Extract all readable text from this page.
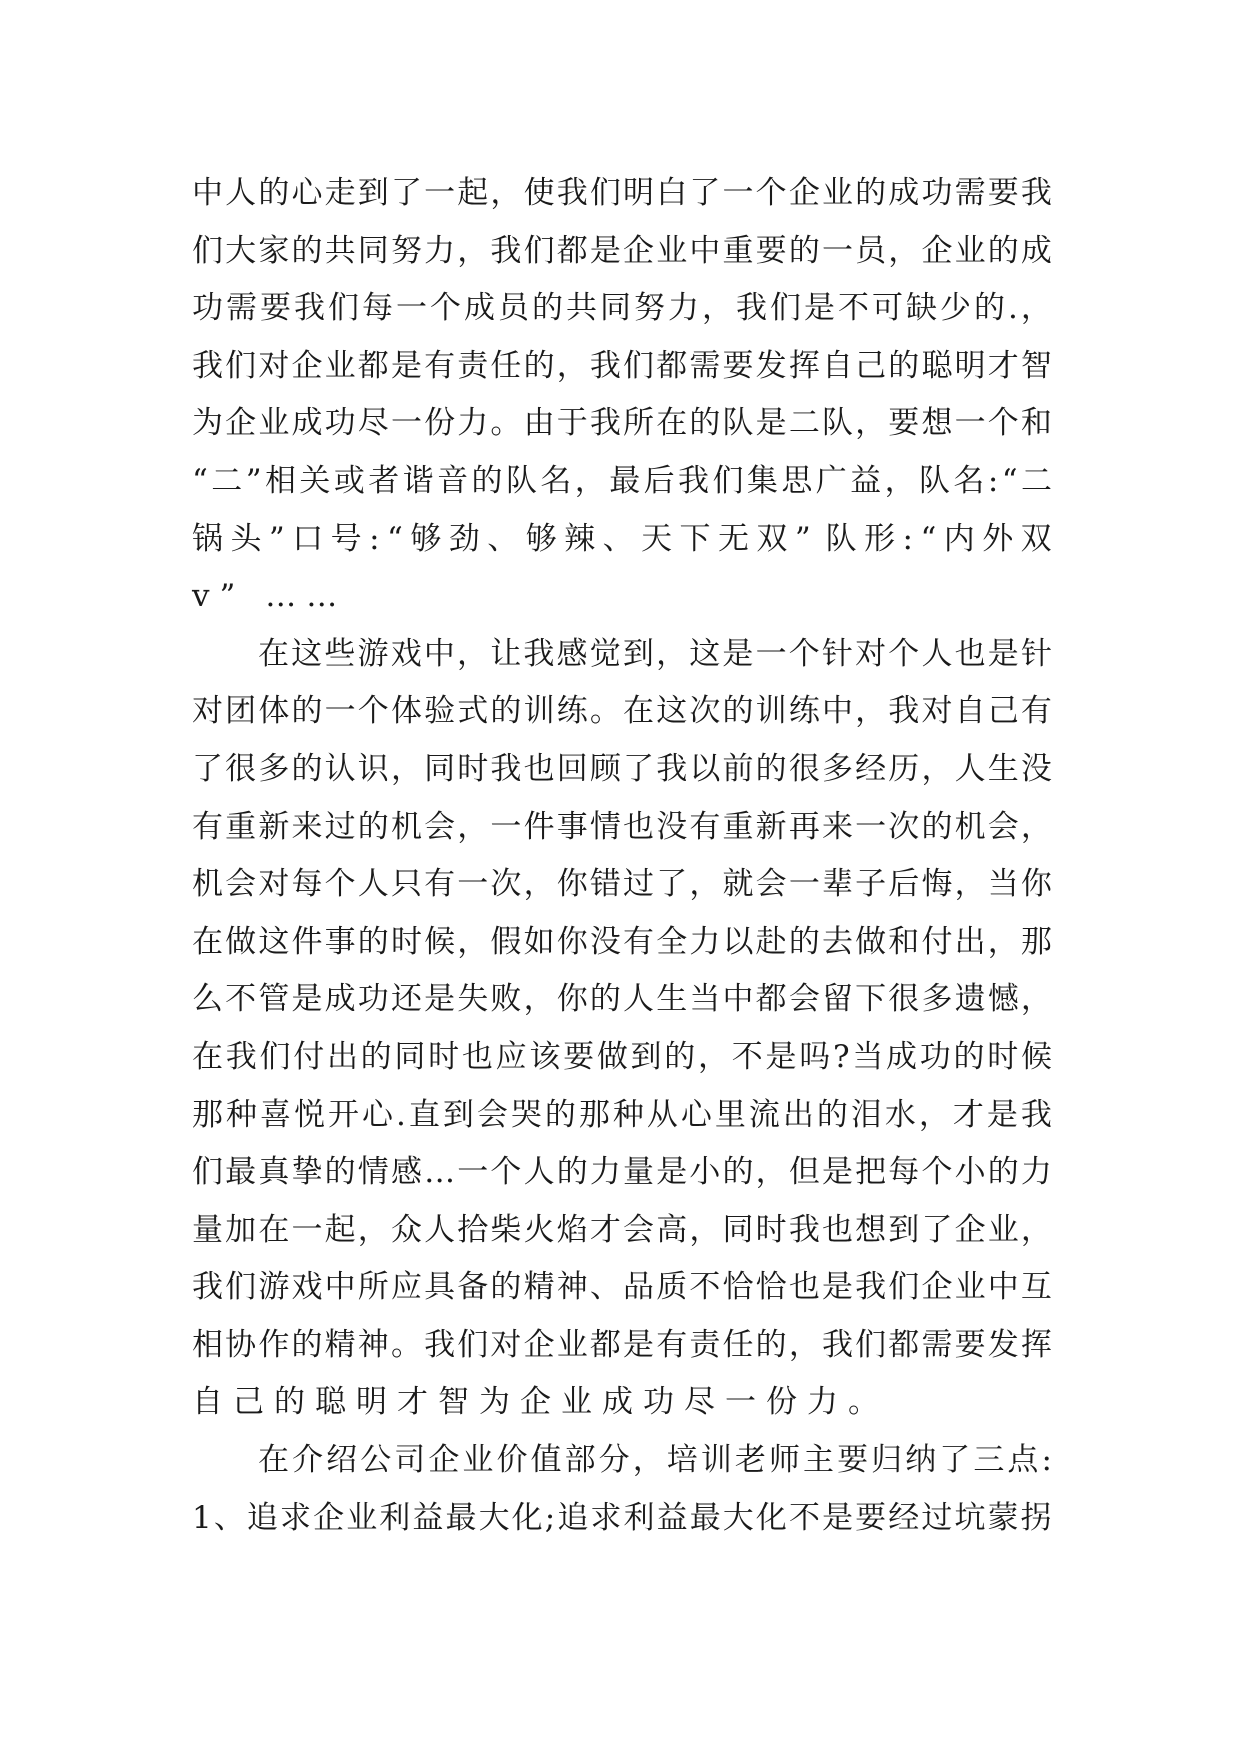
中 人 的 心 走 到 了 一 起 ， 使 我 们 明 白 了 一 个 企 业 的 成 功 需 要 我
们 大 家 的 共 同 努 力 ， 我 们 都 是 企 业 中 重 要 的 一 员 ， 企 业 的 成
功 需 要 我 们 每 一 个 成 员 的 共 同 努 力 ， 我 们 是 不 可 缺 少 的 . ，
我 们 对 企 业 都 是 有 责 任 的 ， 我 们 都 需 要 发 挥 自 己 的 聪 明 才 智
为 企 业 成 功 尽 一 份 力 。 由 于 我 所 在 的 队 是 二 队 ， 要 想 一 个 和
“ 二 ” 相 关 或 者 谐 音 的 队 名 ， 最 后 我 们 集 思 广 益 ， 队 名 : “ 二
锅 头 ” 口 号 : “ 够 劲 、 够 辣 、 天 下 无 双 ” 队 形 : “ 内 外 双
v” ……
在 这 些 游 戏 中 ， 让 我 感 觉 到 ， 这 是 一 个 针 对 个 人 也 是 针
对 团 体 的 一 个 体 验 式 的 训 练 。 在 这 次 的 训 练 中 ， 我 对 自 己 有
了 很 多 的 认 识 ， 同 时 我 也 回 顾 了 我 以 前 的 很 多 经 历 ， 人 生 没
有 重 新 来 过 的 机 会 ， 一 件 事 情 也 没 有 重 新 再 来 一 次 的 机 会 ，
机 会 对 每 个 人 只 有 一 次 ， 你 错 过 了 ， 就 会 一 辈 子 后 悔 ， 当 你
在 做 这 件 事 的 时 候 ， 假 如 你 没 有 全 力 以 赴 的 去 做 和 付 出 ， 那
么 不 管 是 成 功 还 是 失 败 ， 你 的 人 生 当 中 都 会 留 下 很 多 遗 憾 ，
在 我 们 付 出 的 同 时 也 应 该 要 做 到 的 ， 不 是 吗 ? 当 成 功 的 时 候
那 种 喜 悦 开 心 . 直 到 会 哭 的 那 种 从 心 里 流 出 的 泪 水 ， 才 是 我
们 最 真 挚 的 情 感 … 一 个 人 的 力 量 是 小 的 ， 但 是 把 每 个 小 的 力
量 加 在 一 起 ， 众 人 拾 柴 火 焰 才 会 高 ， 同 时 我 也 想 到 了 企 业 ，
我 们 游 戏 中 所 应 具 备 的 精 神 、 品 质 不 恰 恰 也 是 我 们 企 业 中 互
相 协 作 的 精 神 。 我 们 对 企 业 都 是 有 责 任 的 ， 我 们 都 需 要 发 挥
自己的聪明才智为企业成功尽一份力。
在 介 绍 公 司 企 业 价 值 部 分 ， 培 训 老 师 主 要 归 纳 了 三 点 :
1 、 追 求 企 业 利 益 最 大 化 ; 追 求 利 益 最 大 化 不 是 要 经 过 坑 蒙 拐
